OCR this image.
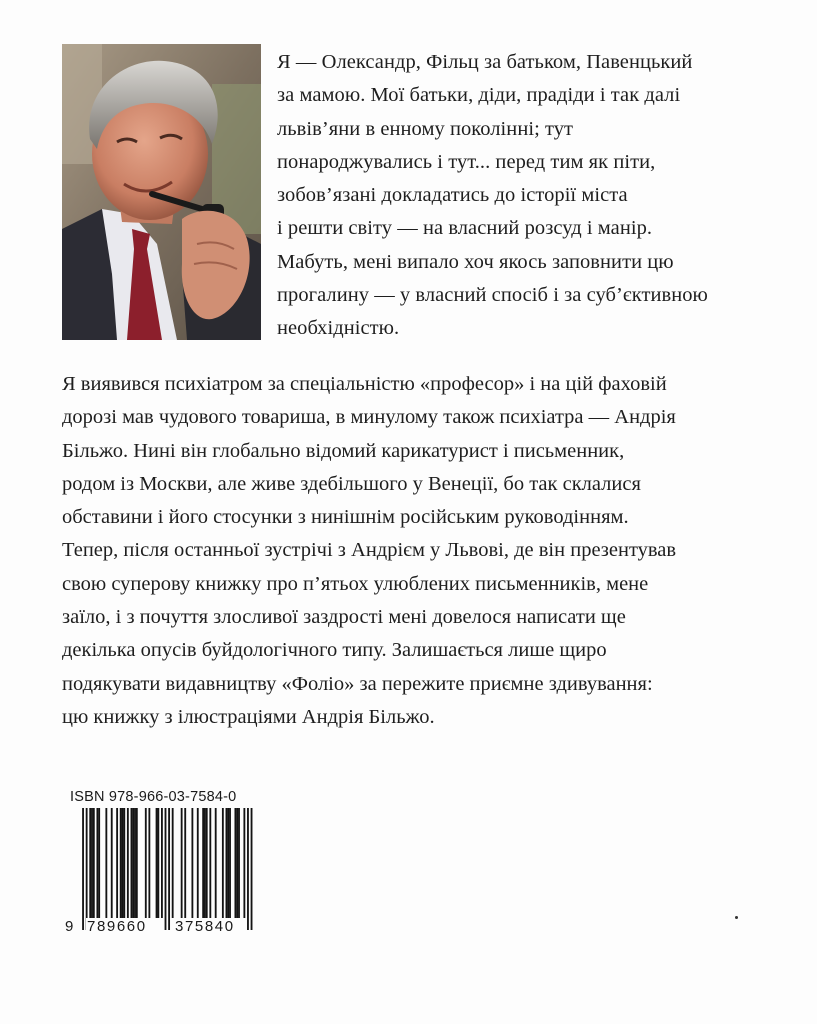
Я — Олександр, Фільц за батьком, Павенцький
за мамою. Мої батьки, діди, прадіди і так далі
львів’яни в енному поколінні; тут
понароджувались і тут... перед тим як піти,
зобов’язані докладатись до історії міста
і решти світу — на власний розсуд і манір.
Мабуть, мені випало хоч якось заповнити цю
прогалину — у власний спосіб і за суб’єктивною
необхідністю.
Я виявився психіатром за спеціальністю «професор» і на цій фаховій
дорозі мав чудового товариша, в минулому також психіатра — Андрія
Більжо. Нині він глобально відомий карикатурист і письменник,
родом із Москви, але живе здебільшого у Венеції, бо так склалися
обставини і його стосунки з нинішнім російським руководінням.
Тепер, після останньої зустрічі з Андрієм у Львові, де він презентував
свою суперову книжку про п’ятьох улюблених письменників, мене
заїло, і з почуття злосливої заздрості мені довелося написати ще
декілька опусів буйдологічного типу. Залишається лише щиро
подякувати видавництву «Фоліо» за пережите приємне здивування:
цю книжку з ілюстраціями Андрія Більжо.
ISBN 978-966-03-7584-0
9 789660 375840
